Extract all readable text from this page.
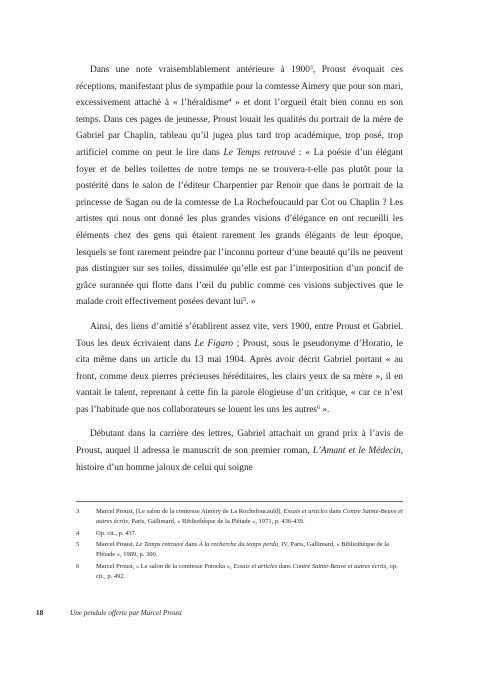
Dans une note vraisemblablement antérieure à 1900$^3$, Proust évoquait ces réceptions, manifestant plus de sympathie pour la comtesse Aimery que pour son mari, excessivement attaché à « l’héraldisme$^4$ » et dont l’orgueil était bien connu en son temps. Dans ces pages de jeunesse, Proust louait les qualités du portrait de la mère de Gabriel par Chaplin, tableau qu’il jugea plus tard trop académique, trop posé, trop artificiel comme on peut le lire dans Le Temps retrouvé : « La poésie d’un élégant foyer et de belles toilettes de notre temps ne se trouvera-t-elle pas plutôt pour la postérité dans le salon de l’éditeur Charpentier par Renoir que dans le portrait de la princesse de Sagan ou de la comtesse de La Rochefoucauld par Cot ou Chaplin ? Les artistes qui nous ont donné les plus grandes visions d’élégance en ont recueilli les éléments chez des gens qui étaient rarement les grands élégants de leur époque, lesquels se font rarement peindre par l’inconnu porteur d’une beauté qu’ils ne peuvent pas distinguer sur ses toiles, dissimulée qu’elle est par l’interposition d’un poncif de grâce surannée qui flotte dans l’œil du public comme ces visions subjectives que le malade croit effectivement posées devant lui$^5$. »

Ainsi, des liens d’amitié s’établirent assez vite, vers 1900, entre Proust et Gabriel. Tous les deux écrivaient dans Le Figaro ; Proust, sous le pseudonyme d’Horatio, le cita même dans un article du 13 mai 1904. Après avoir décrit Gabriel portant « au front, comme deux pierres précieuses héréditaires, les clairs yeux de sa mère », il en vantait le talent, reprenant à cette fin la parole élogieuse d’un critique, « car ce n’est pas l’habitude que nos collaborateurs se louent les uns les autres$^6$ ».

Débutant dans la carrière des lettres, Gabriel attachait un grand prix à l’avis de Proust, auquel il adressa le manuscrit de son premier roman, L’Amant et le Médecin, histoire d’un homme jaloux de celui qui soigne

3	Marcel Proust, [Le salon de la comtesse Aimery de La Rochefoucauld], Essais et articles dans Contre Sainte-Beuve et autres écrits, Paris, Gallimard, « Bibliothèque de la Pléiade », 1971, p. 436-439.
4	Op. cit., p. 437.
5	Marcel Proust, Le Temps retrouvé dans À la recherche du temps perdu, IV, Paris, Gallimard, « Bibliothèque de la Pléiade », 1989, p. 300.
6	Marcel Proust, « Le salon de la comtesse Potocka », Essais et articles dans Contre Sainte-Beuve et autres écrits, op. cit., p. 492.
18	Une pendule offerte par Marcel Proust
